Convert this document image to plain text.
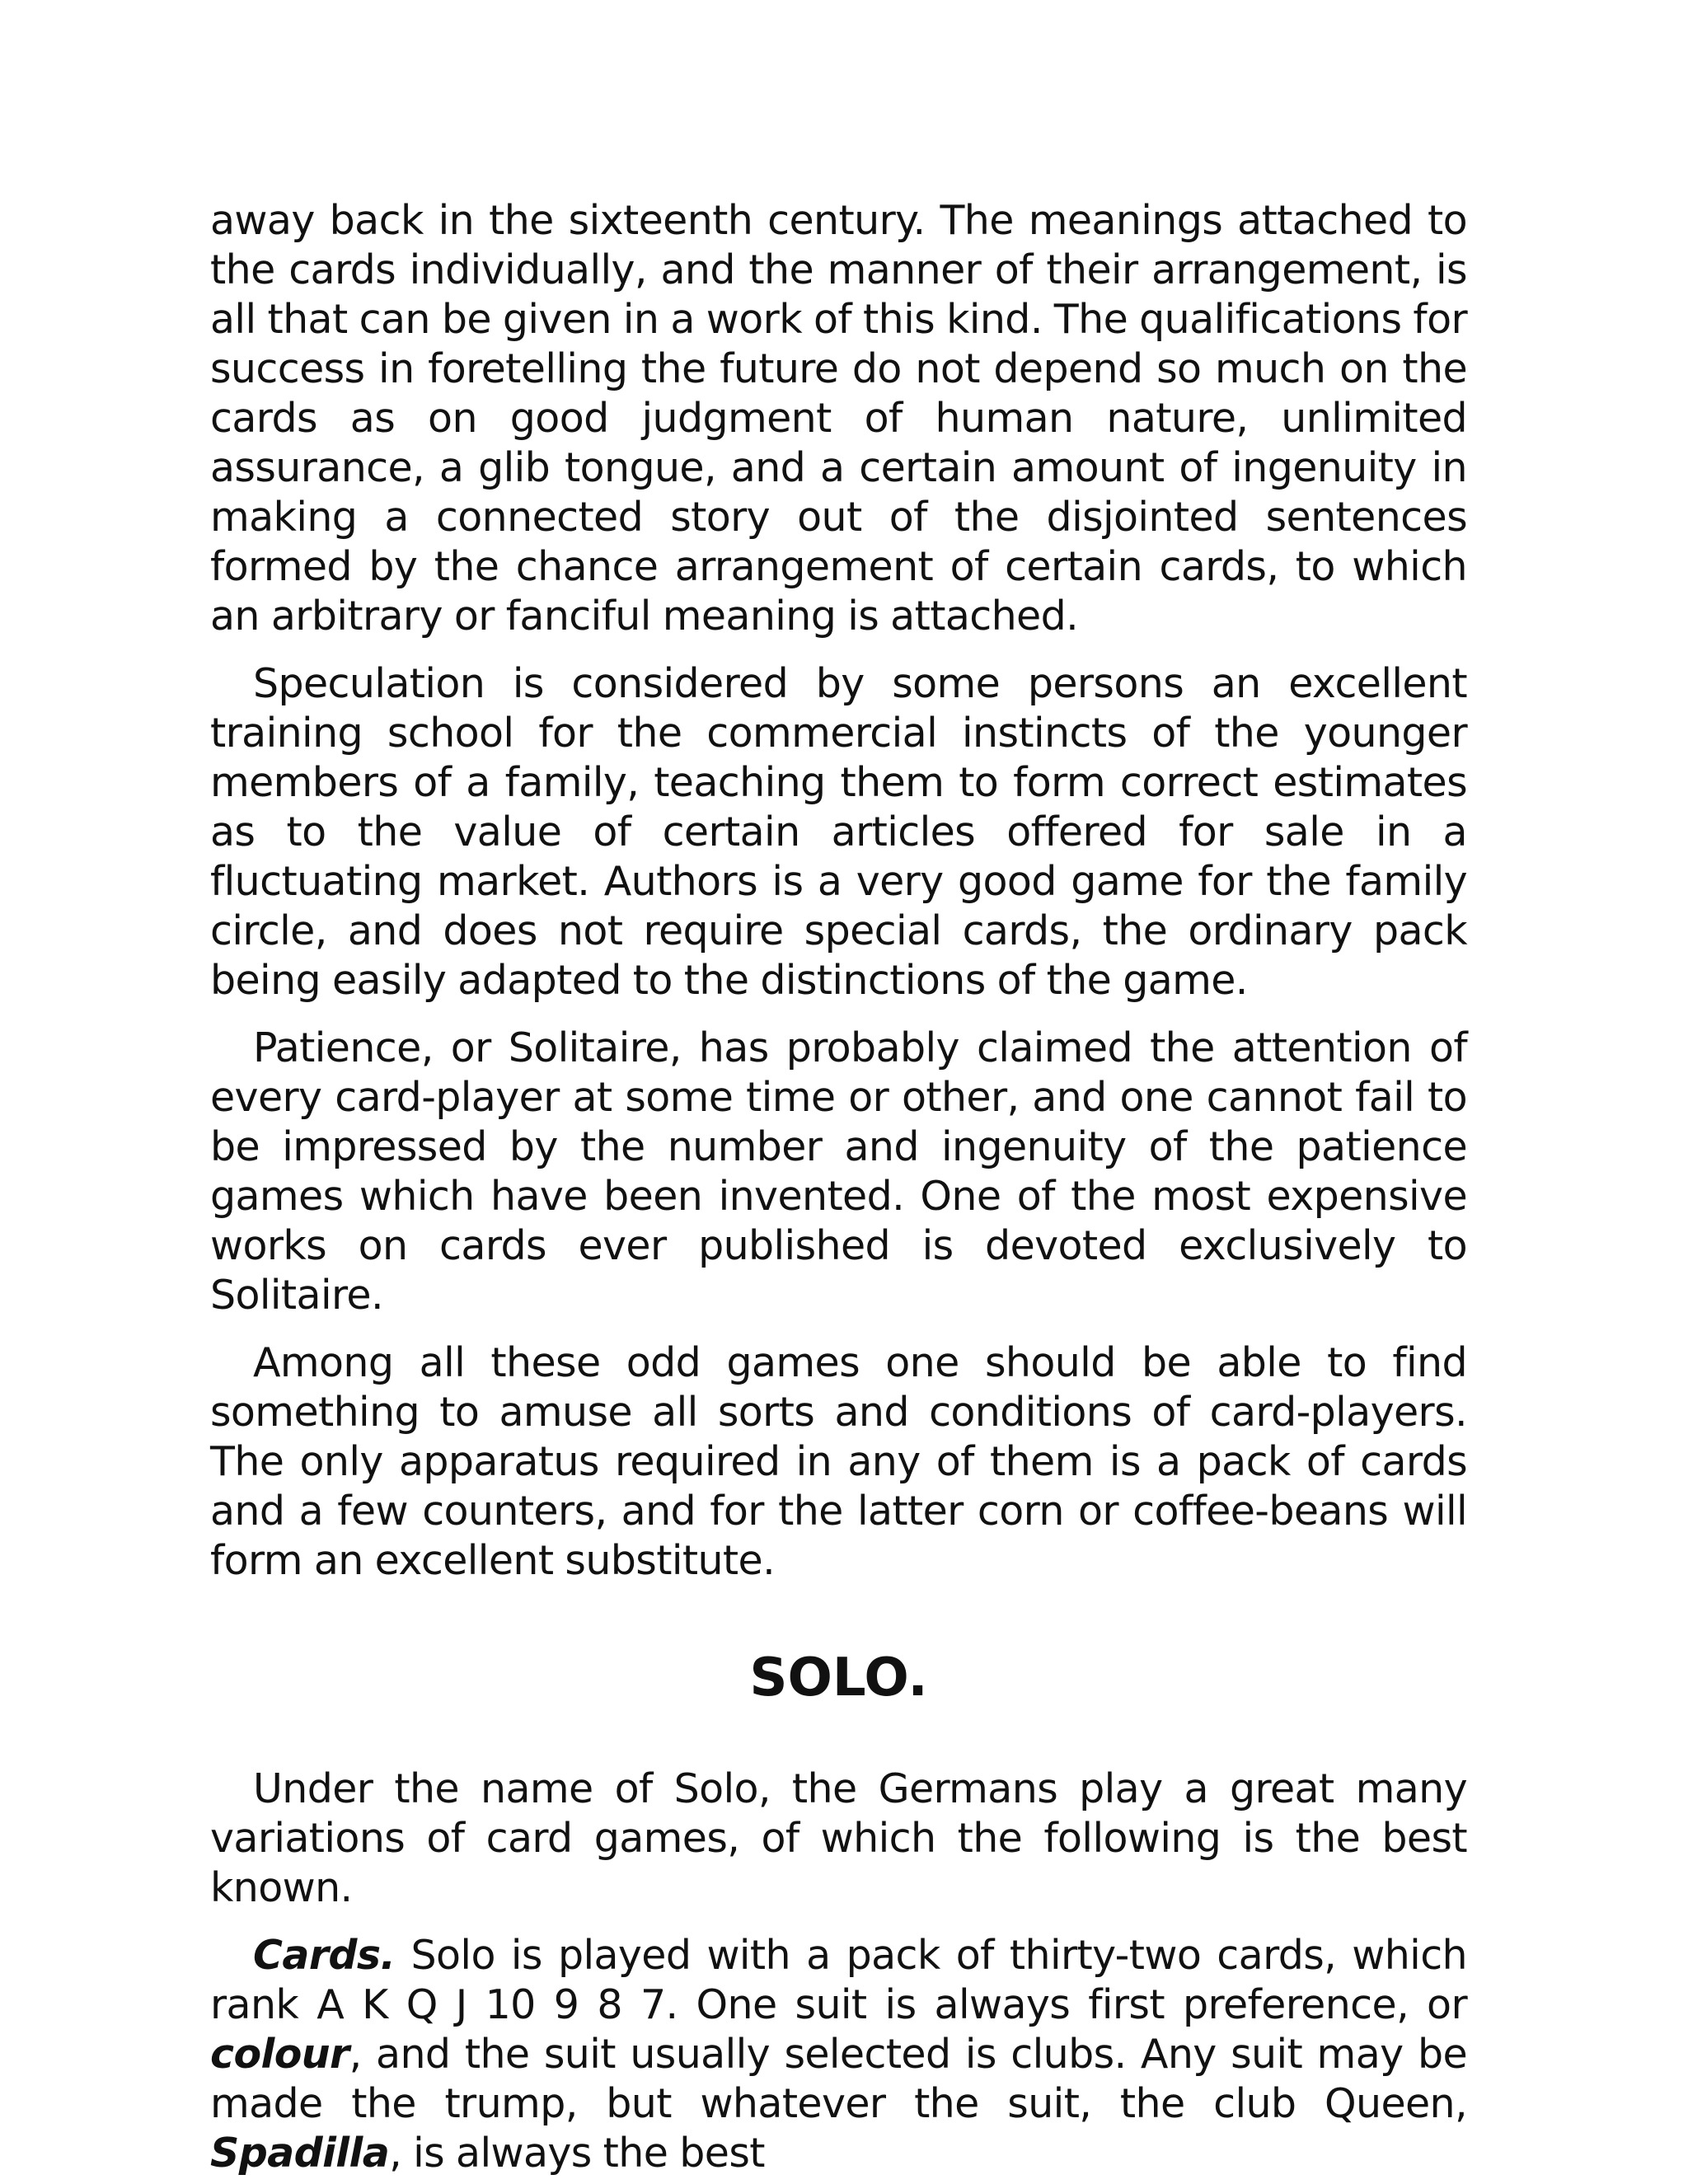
away back in the sixteenth century. The meanings attached to the cards individually, and the manner of their arrangement, is all that can be given in a work of this kind. The qualifications for success in foretelling the future do not depend so much on the cards as on good judgment of human nature, unlimited assurance, a glib tongue, and a certain amount of ingenuity in making a connected story out of the disjointed sentences formed by the chance arrangement of certain cards, to which an arbitrary or fanciful meaning is attached.

Speculation is considered by some persons an excellent training school for the commercial instincts of the younger members of a family, teaching them to form correct estimates as to the value of certain articles offered for sale in a fluctuating market. Authors is a very good game for the family circle, and does not require special cards, the ordinary pack being easily adapted to the distinctions of the game.

Patience, or Solitaire, has probably claimed the attention of every card-player at some time or other, and one cannot fail to be impressed by the number and ingenuity of the patience games which have been invented. One of the most expensive works on cards ever published is devoted exclusively to Solitaire.

Among all these odd games one should be able to find something to amuse all sorts and conditions of card-players. The only apparatus required in any of them is a pack of cards and a few counters, and for the latter corn or coffee-beans will form an excellent substitute.

SOLO.

Under the name of Solo, the Germans play a great many variations of card games, of which the following is the best known.

Cards. Solo is played with a pack of thirty-two cards, which rank A K Q J 10 9 8 7. One suit is always first preference, or colour, and the suit usually selected is clubs. Any suit may be made the trump, but whatever the suit, the club Queen, Spadilla, is always the best
